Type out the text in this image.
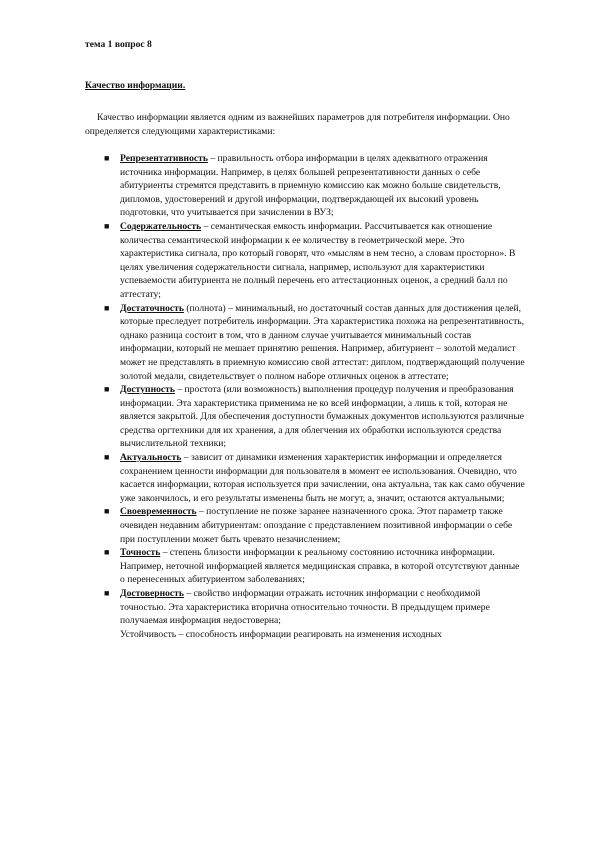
тема 1 вопрос 8
Качество информации.

Качество информации является одним из важнейших параметров для потребителя информации. Оно определяется следующими характеристиками:

■ Репрезентативность – правильность отбора информации в целях адекватного отражения источника информации. Например, в целях большей репрезентативности данных о себе абитуриенты стремятся представить в приемную комиссию как можно больше свидетельств, дипломов, удостоверений и другой информации, подтверждающей их высокий уровень подготовки, что учитывается при зачислении в ВУЗ;
■ Содержательность – семантическая емкость информации. Рассчитывается как отношение количества семантической информации к ее количеству в геометрической мере. Это характеристика сигнала, про который говорят, что «мыслям в нем тесно, а словам просторно». В целях увеличения содержательности сигнала, например, используют для характеристики успеваемости абитуриента не полный перечень его аттестационных оценок, а средний балл по аттестату;
■ Достаточность (полнота) – минимальный, но достаточный состав данных для достижения целей, которые преследует потребитель информации. Эта характеристика похожа на репрезентативность, однако разница состоит в том, что в данном случае учитывается минимальный состав информации, который не мешает принятию решения. Например, абитуриент – золотой медалист может не представлять в приемную комиссию свой аттестат: диплом, подтверждающий получение золотой медали, свидетельствует о полном наборе отличных оценок в аттестате;
■ Доступность – простота (или возможность) выполнения процедур получения и преобразования информации. Эта характеристика применима не ко всей информации, а лишь к той, которая не является закрытой. Для обеспечения доступности бумажных документов используются различные средства оргтехники для их хранения, а для облегчения их обработки используются средства вычислительной техники;
■ Актуальность – зависит от динамики изменения характеристик информации и определяется сохранением ценности информации для пользователя в момент ее использования. Очевидно, что касается информации, которая используется при зачислении, она актуальна, так как само обучение уже закончилось, и его результаты изменены быть не могут, а, значит, остаются актуальными;
■ Своевременность – поступление не позже заранее назначенного срока. Этот параметр также очевиден недавним абитуриентам: опоздание с представлением позитивной информации о себе при поступлении может быть чревато незачислением;
■ Точность – степень близости информации к реальному состоянию источника информации. Например, неточной информацией является медицинская справка, в которой отсутствуют данные о перенесенных абитуриентом заболеваниях;
■ Достоверность – свойство информации отражать источник информации с необходимой точностью. Эта характеристика вторична относительно точности. В предыдущем примере получаемая информация недостоверна;
Устойчивость – способность информации реагировать на изменения исходных
